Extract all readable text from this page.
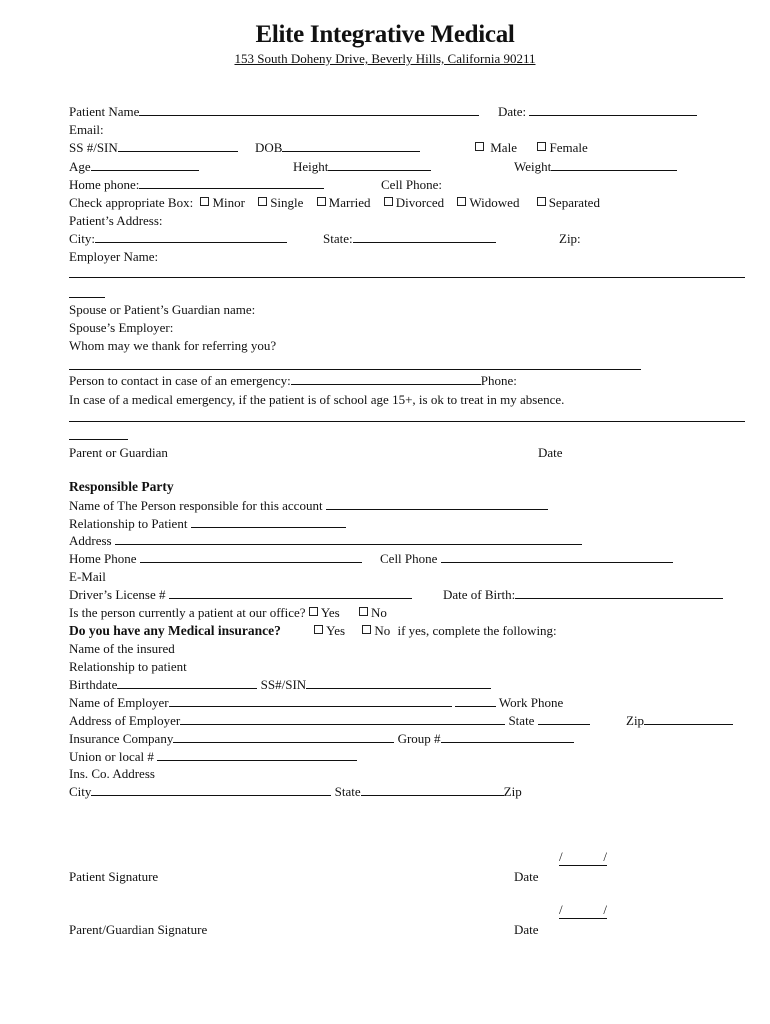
Elite Integrative Medical
153 South Doheny Drive, Beverly Hills, California 90211
Patient Name	Date:
Email:
SS #/SIN	DOB	Male	Female
Age	Height	Weight
Home phone:	Cell Phone:
Check appropriate Box: Minor Single Married Divorced Widowed Separated
Patient’s Address:
City:	State:	Zip:
Employer Name:
Spouse or Patient’s Guardian name:
Spouse’s Employer:
Whom may we thank for referring you?
Person to contact in case of an emergency:	Phone:
In case of a medical emergency, if the patient is of school age 15+, is ok to treat in my absence.
Parent or Guardian	Date
Responsible Party
Name of The Person responsible for this account
Relationship to Patient
Address
Home Phone	Cell Phone
E-Mail
Driver’s License #	Date of Birth:
Is the person currently a patient at our office? Yes No
Do you have any Medical insurance?	Yes No if yes, complete the following:
Name of the insured
Relationship to patient
Birthdate	SS#/SIN
Name of Employer	Work Phone
Address of Employer	State	Zip
Insurance Company	Group #
Union or local #
Ins. Co. Address
City	State	Zip
/	/
Patient Signature	Date
/	/
Parent/Guardian Signature	Date
